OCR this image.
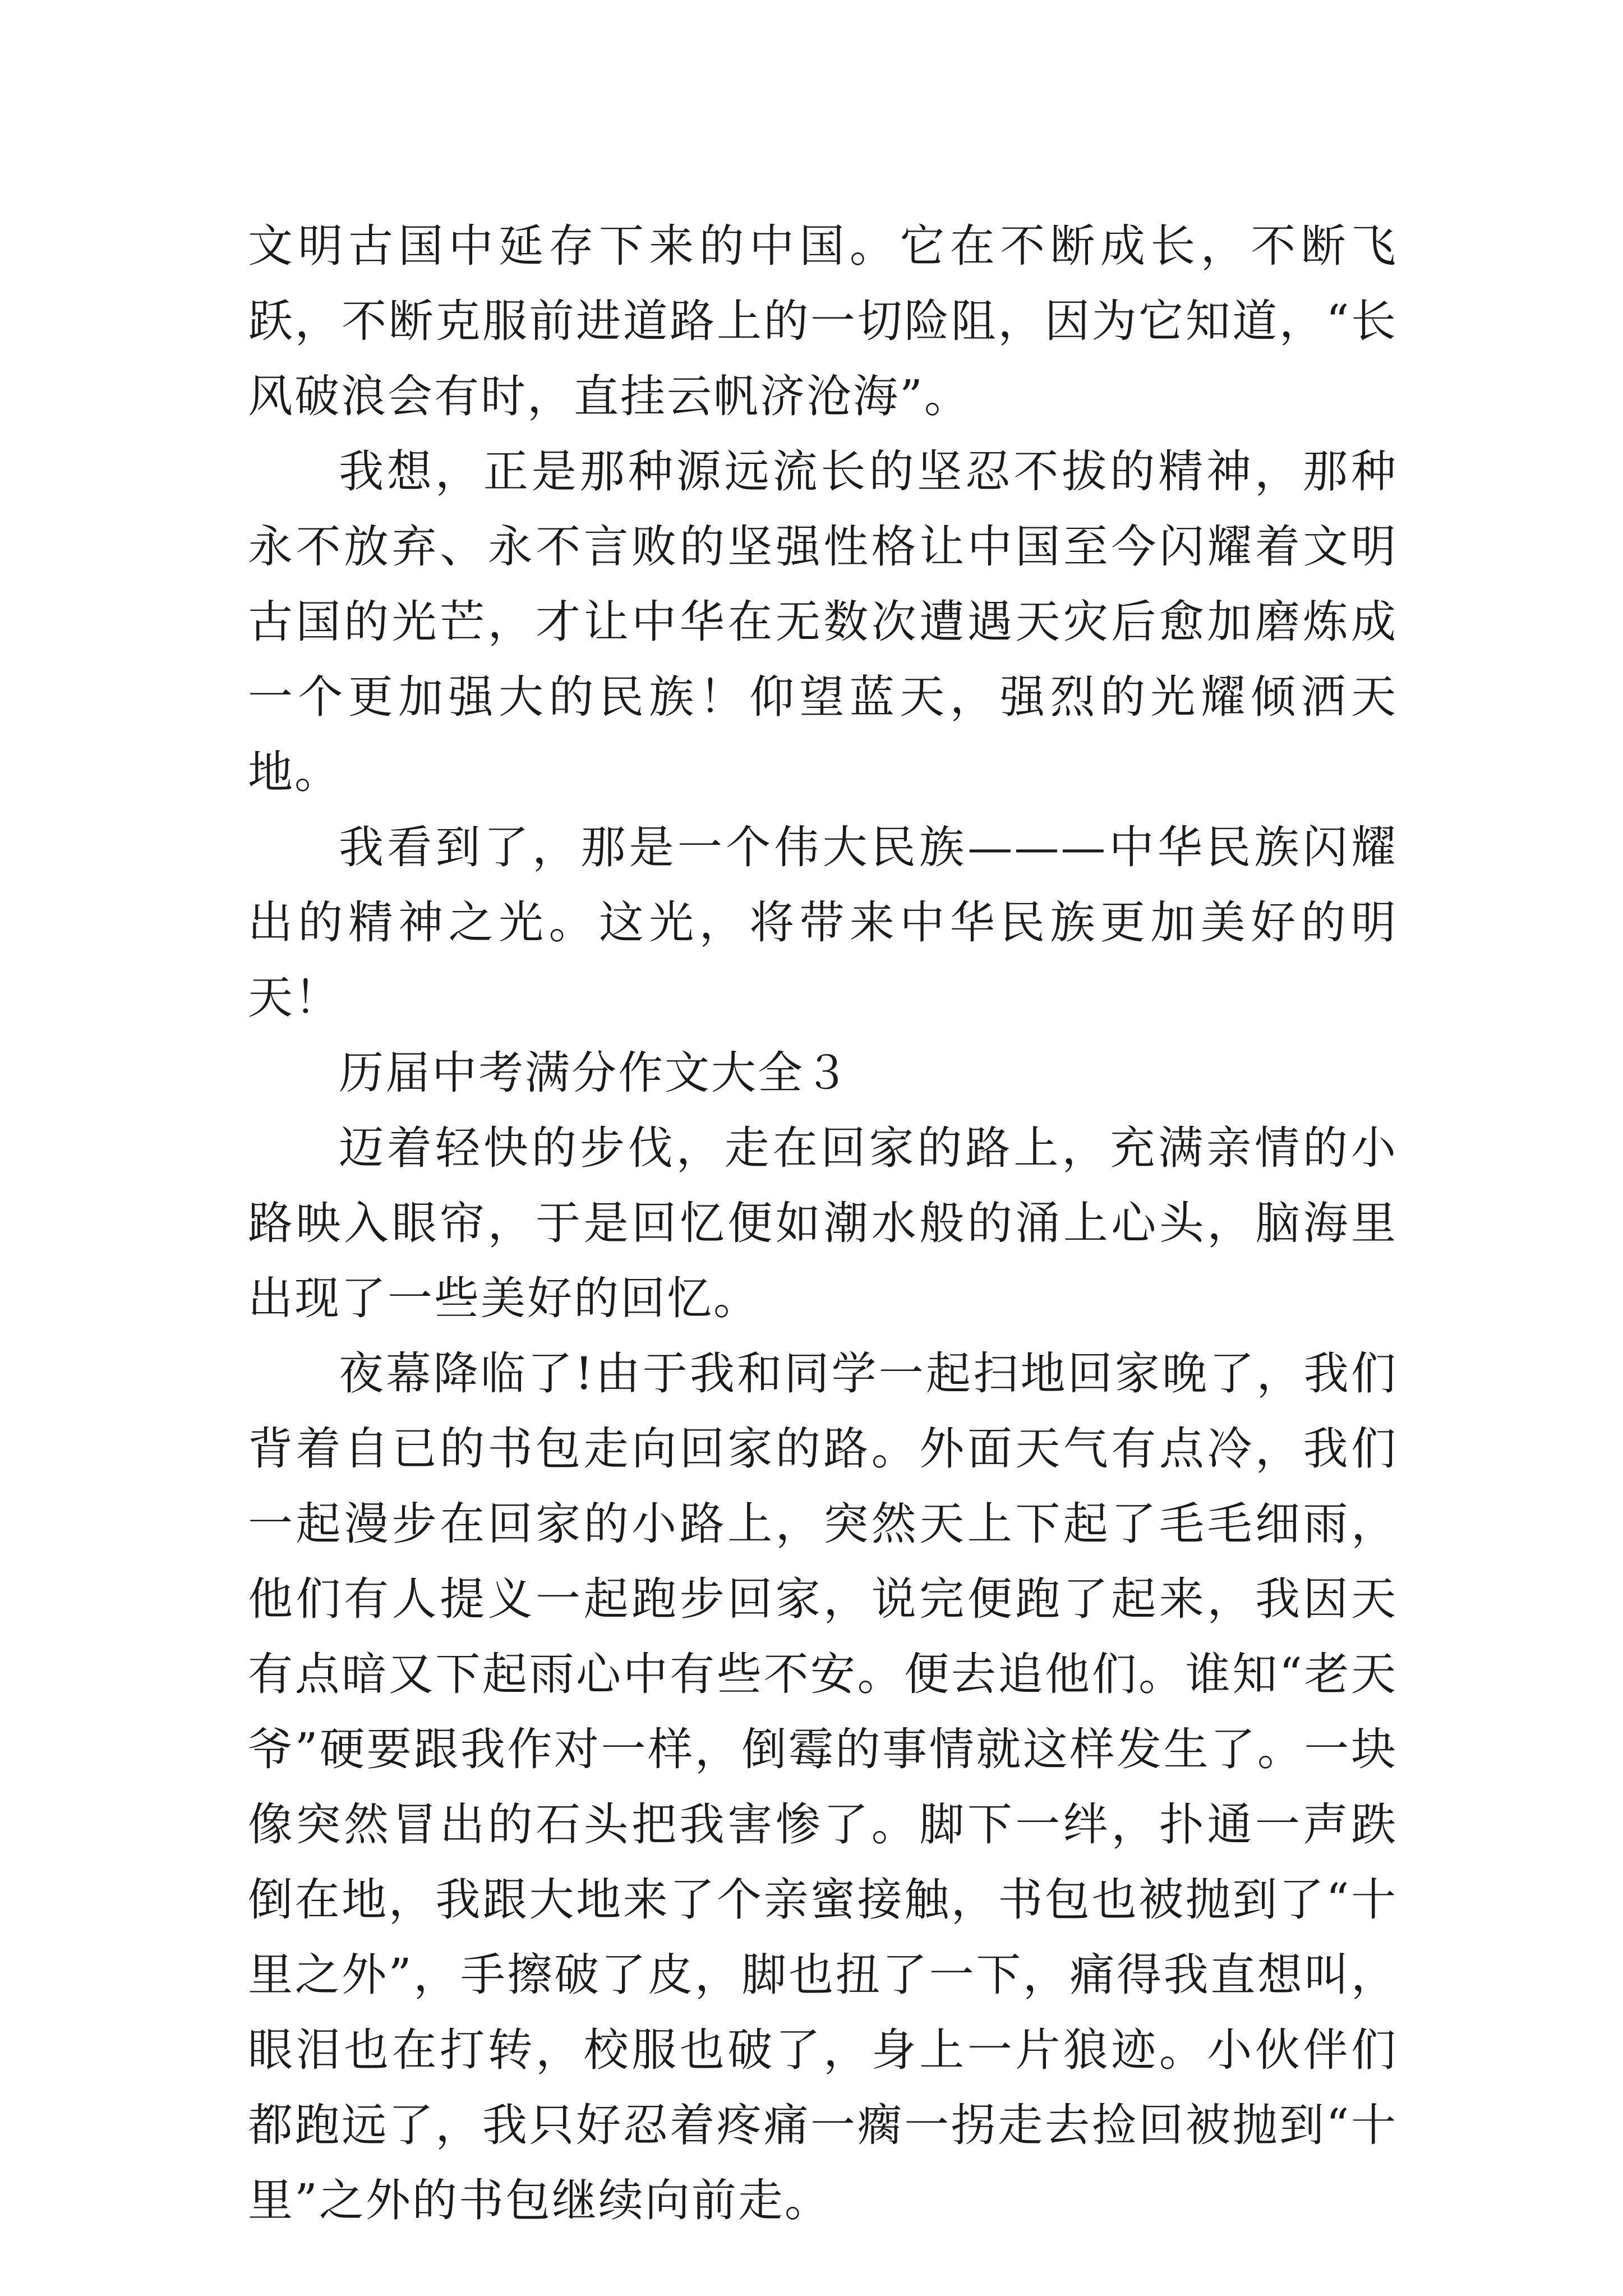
文明古国中延存下来的中国。它在不断成长，不断飞跃，不断克服前进道路上的一切险阻，因为它知道，“长风破浪会有时，直挂云帆济沧海”。

我想，正是那种源远流长的坚忍不拔的精神，那种永不放弃、永不言败的坚强性格让中国至今闪耀着文明古国的光芒，才让中华在无数次遭遇天灾后愈加磨炼成一个更加强大的民族！仰望蓝天，强烈的光耀倾洒天地。

我看到了，那是一个伟大民族———中华民族闪耀出的精神之光。这光，将带来中华民族更加美好的明天！

历届中考满分作文大全３

迈着轻快的步伐，走在回家的路上，充满亲情的小路映入眼帘，于是回忆便如潮水般的涌上心头，脑海里出现了一些美好的回忆。

夜幕降临了!由于我和同学一起扫地回家晚了，我们背着自已的书包走向回家的路。外面天气有点冷，我们一起漫步在回家的小路上，突然天上下起了毛毛细雨，他们有人提义一起跑步回家，说完便跑了起来，我因天有点暗又下起雨心中有些不安。便去追他们。谁知“老天爷”硬要跟我作对一样，倒霉的事情就这样发生了。一块像突然冒出的石头把我害惨了。脚下一绊，扑通一声跌倒在地，我跟大地来了个亲蜜接触，书包也被抛到了“十里之外”，手擦破了皮，脚也扭了一下，痛得我直想叫，眼泪也在打转，校服也破了，身上一片狼迹。小伙伴们都跑远了，我只好忍着疼痛一瘸一拐走去捡回被抛到“十里”之外的书包继续向前走。
